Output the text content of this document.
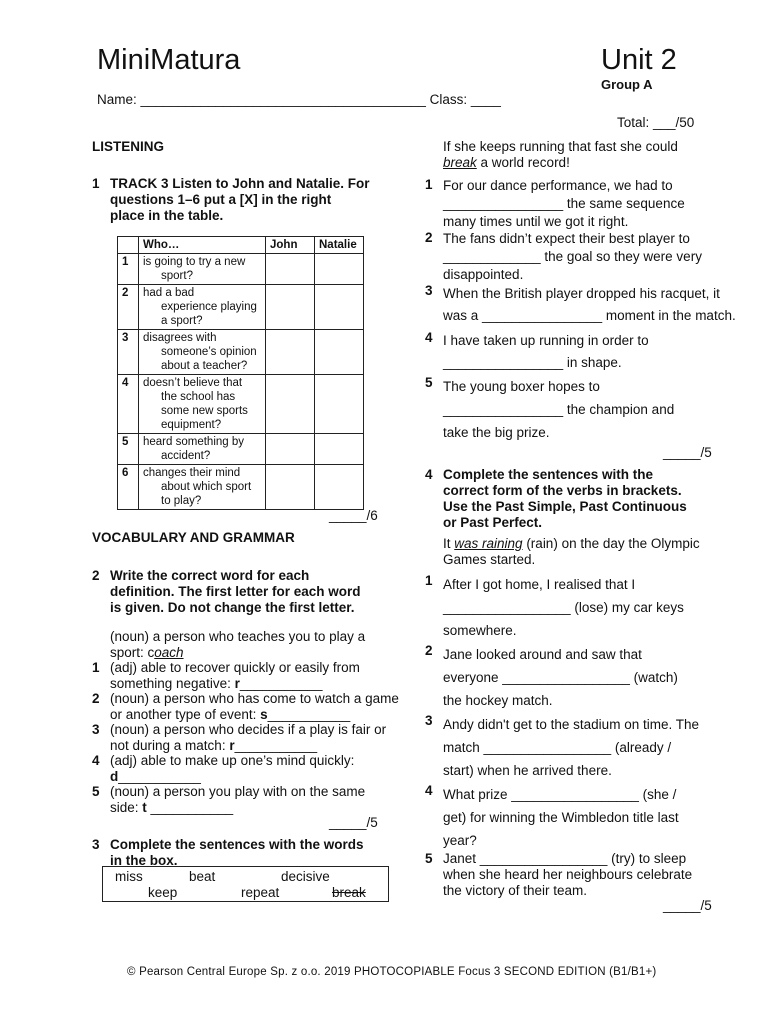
MiniMatura	Unit 2
Group A
Name: ______________________________________ Class: ____
Total: ___/50
LISTENING
1 TRACK 3 Listen to John and Natalie. For
questions 1–6 put a [X] in the right
place in the table.
	Who…	John	Natalie
1	is going to try a new
sport?		

2	had a bad
experience playing a sport?		

3	disagrees with
someone’s opinion about a teacher?		

4	doesn’t believe that
the school has some new sports equipment?		

5	heard something by
accident?		

6	changes their mind
about which sport to play?		

_____/6
VOCABULARY AND GRAMMAR
2 Write the correct word for each
definition. The first letter for each word
is given. Do not change the first letter.
(noun) a person who teaches you to play a
sport: coach
1 (adj) able to recover quickly or easily from
something negative: r___________
2 (noun) a person who has come to watch a game
or another type of event: s___________
3 (noun) a person who decides if a play is fair or
not during a match: r___________
4 (adj) able to make up one’s mind quickly:
d___________
5 (noun) a person you play with on the same
side: t ___________
_____/5
3 Complete the sentences with the words
in the box.
miss	beat	decisive
keep	repeat	break
If she keeps running that fast she could
break a world record!
1 For our dance performance, we had to
________________ the same sequence
many times until we got it right.
2 The fans didn’t expect their best player to
_____________ the goal so they were very
disappointed.
3 When the British player dropped his racquet, it
was a ________________ moment in the match.
4 I have taken up running in order to
________________ in shape.
5 The young boxer hopes to
________________ the champion and
take the big prize.
_____/5
4 Complete the sentences with the
correct form of the verbs in brackets.
Use the Past Simple, Past Continuous
or Past Perfect.
It was raining (rain) on the day the Olympic
Games started.
1 After I got home, I realised that I
_________________ (lose) my car keys
somewhere.
2 Jane looked around and saw that
everyone _________________ (watch)
the hockey match.
3 Andy didn't get to the stadium on time. The
match _________________ (already /
start) when he arrived there.
4 What prize _________________ (she /
get) for winning the Wimbledon title last
year?
5 Janet _________________ (try) to sleep
when she heard her neighbours celebrate
the victory of their team.
_____/5
© Pearson Central Europe Sp. z o.o. 2019 PHOTOCOPIABLE Focus 3 SECOND EDITION (B1/B1+)
